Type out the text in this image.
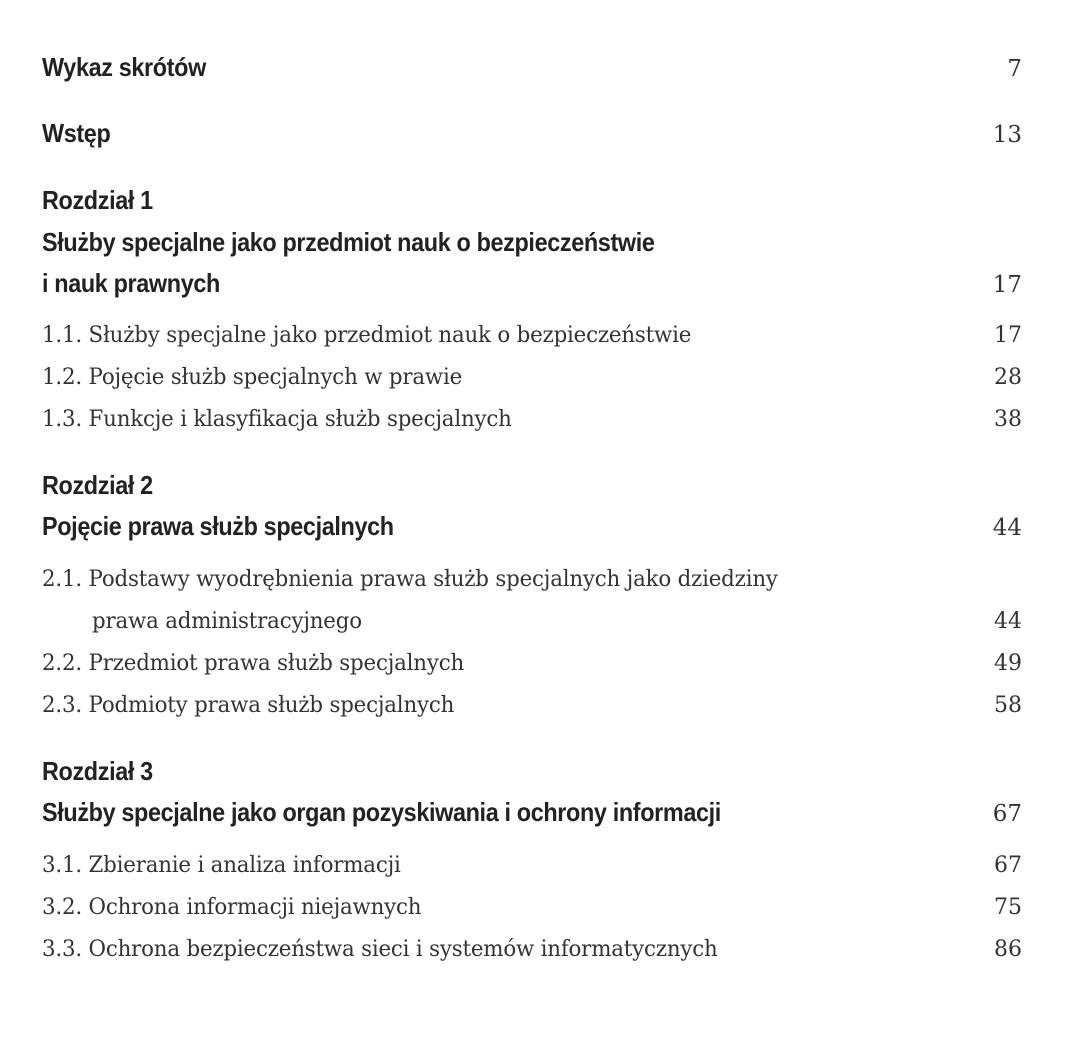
Wykaz skrótów	7
Wstęp	13
Rozdział 1
Służby specjalne jako przedmiot nauk o bezpieczeństwie
i nauk prawnych	17
1.1. Służby specjalne jako przedmiot nauk o bezpieczeństwie	17
1.2. Pojęcie służb specjalnych w prawie	28
1.3. Funkcje i klasyfikacja służb specjalnych	38
Rozdział 2
Pojęcie prawa służb specjalnych	44
2.1. Podstawy wyodrębnienia prawa służb specjalnych jako dziedziny
prawa administracyjnego	44
2.2. Przedmiot prawa służb specjalnych	49
2.3. Podmioty prawa służb specjalnych	58
Rozdział 3
Służby specjalne jako organ pozyskiwania i ochrony informacji	67
3.1. Zbieranie i analiza informacji	67
3.2. Ochrona informacji niejawnych	75
3.3. Ochrona bezpieczeństwa sieci i systemów informatycznych	86
